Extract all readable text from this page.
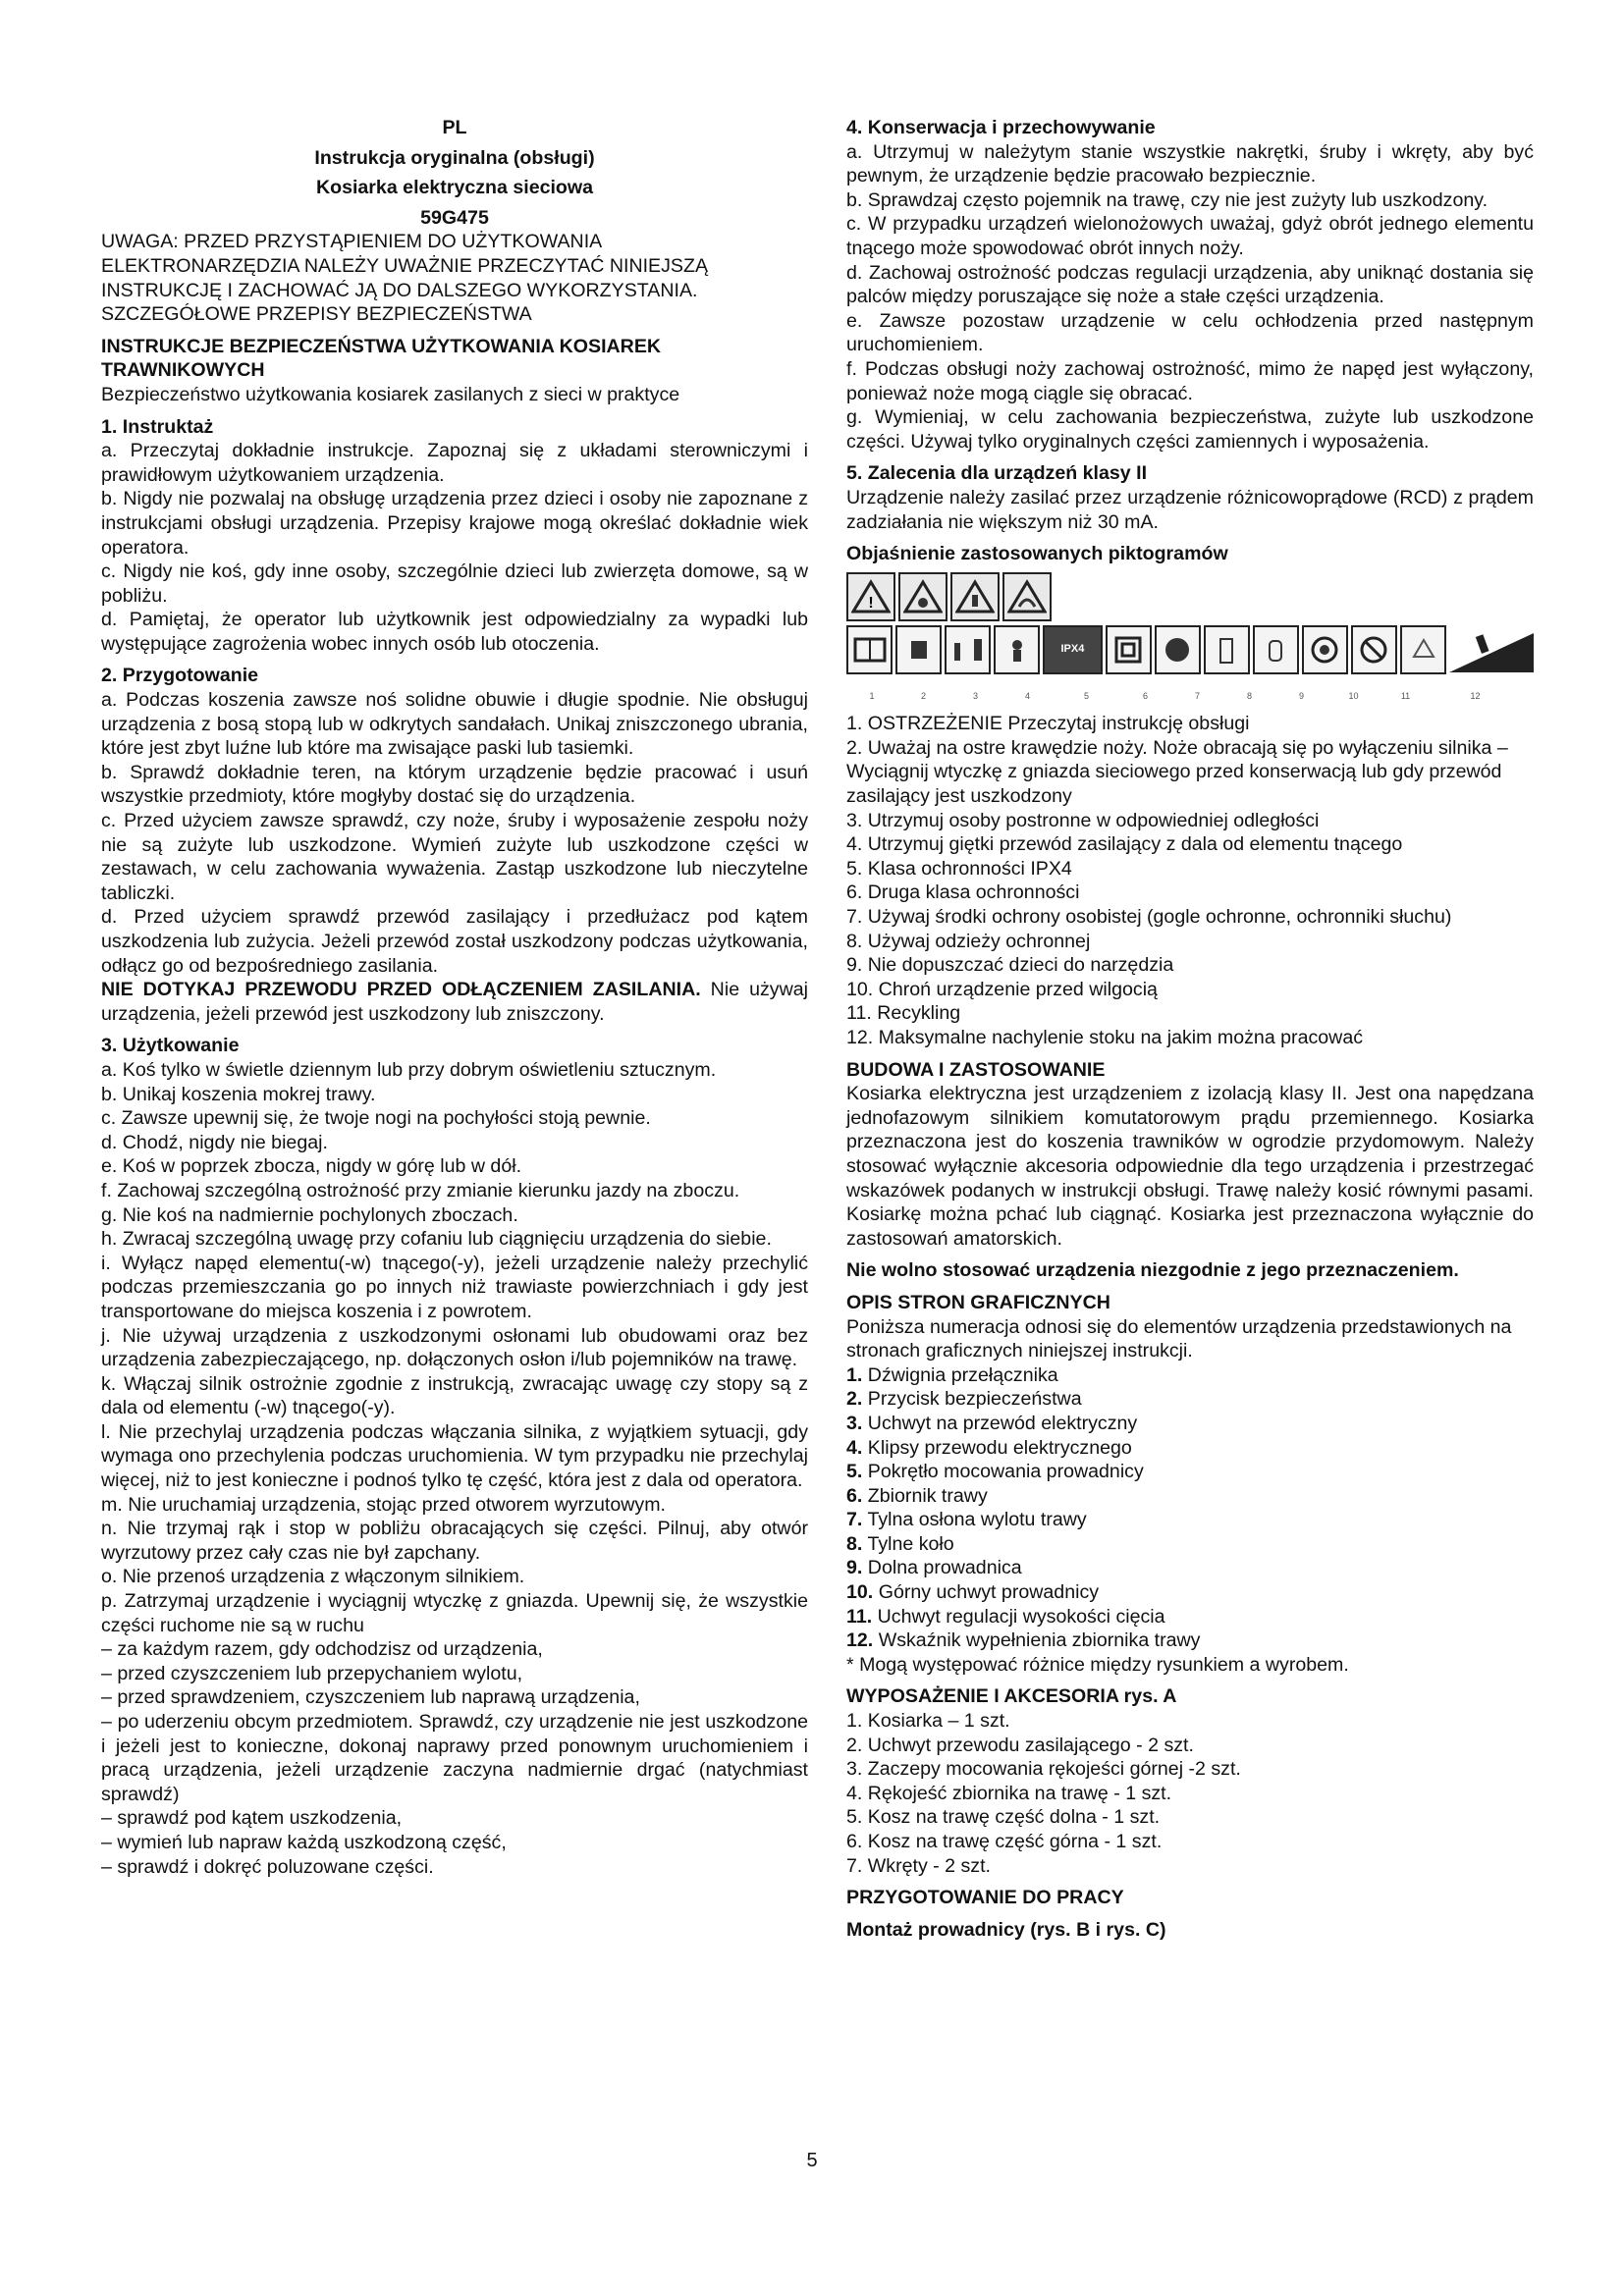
PL
Instrukcja oryginalna (obsługi)
Kosiarka elektryczna sieciowa
59G475

UWAGA: PRZED PRZYSTĄPIENIEM DO UŻYTKOWANIA

ELEKTRONARZĘDZIA NALEŻY UWAŻNIE PRZECZYTAĆ NINIEJSZĄ

INSTRUKCJĘ I ZACHOWAĆ JĄ DO DALSZEGO WYKORZYSTANIA.

SZCZEGÓŁOWE PRZEPISY BEZPIECZEŃSTWA

INSTRUKCJE BEZPIECZEŃSTWA UŻYTKOWANIA KOSIAREK TRAWNIKOWYCH

Bezpieczeństwo użytkowania kosiarek zasilanych z sieci w praktyce

1. Instruktaż

a. Przeczytaj dokładnie instrukcje. Zapoznaj się z układami sterowniczymi i prawidłowym użytkowaniem urządzenia.

b. Nigdy nie pozwalaj na obsługę urządzenia przez dzieci i osoby nie zapoznane z instrukcjami obsługi urządzenia. Przepisy krajowe mogą określać dokładnie wiek operatora.

c. Nigdy nie koś, gdy inne osoby, szczególnie dzieci lub zwierzęta domowe, są w pobliżu.

d. Pamiętaj, że operator lub użytkownik jest odpowiedzialny za wypadki lub występujące zagrożenia wobec innych osób lub otoczenia.

2. Przygotowanie

a. Podczas koszenia zawsze noś solidne obuwie i długie spodnie. Nie obsługuj urządzenia z bosą stopą lub w odkrytych sandałach. Unikaj zniszczonego ubrania, które jest zbyt luźne lub które ma zwisające paski lub tasiemki.

b. Sprawdź dokładnie teren, na którym urządzenie będzie pracować i usuń wszystkie przedmioty, które mogłyby dostać się do urządzenia.

c. Przed użyciem zawsze sprawdź, czy noże, śruby i wyposażenie zespołu noży nie są zużyte lub uszkodzone. Wymień zużyte lub uszkodzone części w zestawach, w celu zachowania wyważenia. Zastąp uszkodzone lub nieczytelne tabliczki.

d. Przed użyciem sprawdź przewód zasilający i przedłużacz pod kątem uszkodzenia lub zużycia. Jeżeli przewód został uszkodzony podczas użytkowania, odłącz go od bezpośredniego zasilania.

NIE DOTYKAJ PRZEWODU PRZED ODŁĄCZENIEM ZASILANIA. Nie używaj urządzenia, jeżeli przewód jest uszkodzony lub zniszczony.

3. Użytkowanie

a. Koś tylko w świetle dziennym lub przy dobrym oświetleniu sztucznym.

b. Unikaj koszenia mokrej trawy.

c. Zawsze upewnij się, że twoje nogi na pochyłości stoją pewnie.

d. Chodź, nigdy nie biegaj.

e. Koś w poprzek zbocza, nigdy w górę lub w dół.

f. Zachowaj szczególną ostrożność przy zmianie kierunku jazdy na zboczu.

g. Nie koś na nadmiernie pochylonych zboczach.

h. Zwracaj szczególną uwagę przy cofaniu lub ciągnięciu urządzenia do siebie.

i. Wyłącz napęd elementu(-w) tnącego(-y), jeżeli urządzenie należy przechylić podczas przemieszczania go po innych niż trawiaste powierzchniach i gdy jest transportowane do miejsca koszenia i z powrotem.

j. Nie używaj urządzenia z uszkodzonymi osłonami lub obudowami oraz bez urządzenia zabezpieczającego, np. dołączonych osłon i/lub pojemników na trawę.

k. Włączaj silnik ostrożnie zgodnie z instrukcją, zwracając uwagę czy stopy są z dala od elementu (-w) tnącego(-y).

l. Nie przechylaj urządzenia podczas włączania silnika, z wyjątkiem sytuacji, gdy wymaga ono przechylenia podczas uruchomienia. W tym przypadku nie przechylaj więcej, niż to jest konieczne i podnoś tylko tę część, która jest z dala od operatora.

m. Nie uruchamiaj urządzenia, stojąc przed otworem wyrzutowym.

n. Nie trzymaj rąk i stop w pobliżu obracających się części. Pilnuj, aby otwór wyrzutowy przez cały czas nie był zapchany.

o. Nie przenoś urządzenia z włączonym silnikiem.

p. Zatrzymaj urządzenie i wyciągnij wtyczkę z gniazda. Upewnij się, że wszystkie części ruchome nie są w ruchu

– za każdym razem, gdy odchodzisz od urządzenia,

– przed czyszczeniem lub przepychaniem wylotu,

– przed sprawdzeniem, czyszczeniem lub naprawą urządzenia,

– po uderzeniu obcym przedmiotem. Sprawdź, czy urządzenie nie jest uszkodzone i jeżeli jest to konieczne, dokonaj naprawy przed ponownym uruchomieniem i pracą urządzenia, jeżeli urządzenie zaczyna nadmiernie drgać (natychmiast sprawdź)

– sprawdź pod kątem uszkodzenia,

– wymień lub napraw każdą uszkodzoną część,

– sprawdź i dokręć poluzowane części.

4. Konserwacja i przechowywanie

a. Utrzymuj w należytym stanie wszystkie nakrętki, śruby i wkręty, aby być pewnym, że urządzenie będzie pracowało bezpiecznie.

b. Sprawdzaj często pojemnik na trawę, czy nie jest zużyty lub uszkodzony.

c. W przypadku urządzeń wielonożowych uważaj, gdyż obrót jednego elementu tnącego może spowodować obrót innych noży.

d. Zachowaj ostrożność podczas regulacji urządzenia, aby uniknąć dostania się palców między poruszające się noże a stałe części urządzenia.

e. Zawsze pozostaw urządzenie w celu ochłodzenia przed następnym uruchomieniem.

f. Podczas obsługi noży zachowaj ostrożność, mimo że napęd jest wyłączony, ponieważ noże mogą ciągle się obracać.

g. Wymieniaj, w celu zachowania bezpieczeństwa, zużyte lub uszkodzone części. Używaj tylko oryginalnych części zamiennych i wyposażenia.

5. Zalecenia dla urządzeń klasy II

Urządzenie należy zasilać przez urządzenie różnicowoprądowe (RCD) z prądem zadziałania nie większym niż 30 mA.

Objaśnienie zastosowanych piktogramów
!
IPX4
1	2	3	4	5	6	7	8	9	10	11	12

1. OSTRZEŻENIE Przeczytaj instrukcję obsługi

2. Uważaj na ostre krawędzie noży. Noże obracają się po wyłączeniu silnika – Wyciągnij wtyczkę z gniazda sieciowego przed konserwacją lub gdy przewód zasilający jest uszkodzony

3. Utrzymuj osoby postronne w odpowiedniej odległości

4. Utrzymuj giętki przewód zasilający z dala od elementu tnącego

5. Klasa ochronności IPX4

6. Druga klasa ochronności

7. Używaj środki ochrony osobistej (gogle ochronne, ochronniki słuchu)

8. Używaj odzieży ochronnej

9. Nie dopuszczać dzieci do narzędzia

10. Chroń urządzenie przed wilgocią

11. Recykling

12. Maksymalne nachylenie stoku na jakim można pracować

BUDOWA I ZASTOSOWANIE

Kosiarka elektryczna jest urządzeniem z izolacją klasy II. Jest ona napędzana jednofazowym silnikiem komutatorowym prądu przemiennego. Kosiarka przeznaczona jest do koszenia trawników w ogrodzie przydomowym. Należy stosować wyłącznie akcesoria odpowiednie dla tego urządzenia i przestrzegać wskazówek podanych w instrukcji obsługi. Trawę należy kosić równymi pasami. Kosiarkę można pchać lub ciągnąć. Kosiarka jest przeznaczona wyłącznie do zastosowań amatorskich.

Nie wolno stosować urządzenia niezgodnie z jego przeznaczeniem.
OPIS STRON GRAFICZNYCH

Poniższa numeracja odnosi się do elementów urządzenia przedstawionych na stronach graficznych niniejszej instrukcji.

1. Dźwignia przełącznika

2. Przycisk bezpieczeństwa

3. Uchwyt na przewód elektryczny

4. Klipsy przewodu elektrycznego

5. Pokrętło mocowania prowadnicy

6. Zbiornik trawy

7. Tylna osłona wylotu trawy

8. Tylne koło

9. Dolna prowadnica

10. Górny uchwyt prowadnicy

11. Uchwyt regulacji wysokości cięcia

12. Wskaźnik wypełnienia zbiornika trawy

* Mogą występować różnice między rysunkiem a wyrobem.

WYPOSAŻENIE I AKCESORIA rys. A

1. Kosiarka – 1 szt.

2. Uchwyt przewodu zasilającego - 2 szt.

3. Zaczepy mocowania rękojeści górnej -2 szt.

4. Rękojeść zbiornika na trawę - 1 szt.

5. Kosz na trawę część dolna - 1 szt.

6. Kosz na trawę część górna - 1 szt.

7. Wkręty - 2 szt.

PRZYGOTOWANIE DO PRACY
Montaż prowadnicy (rys. B i rys. C)
5
